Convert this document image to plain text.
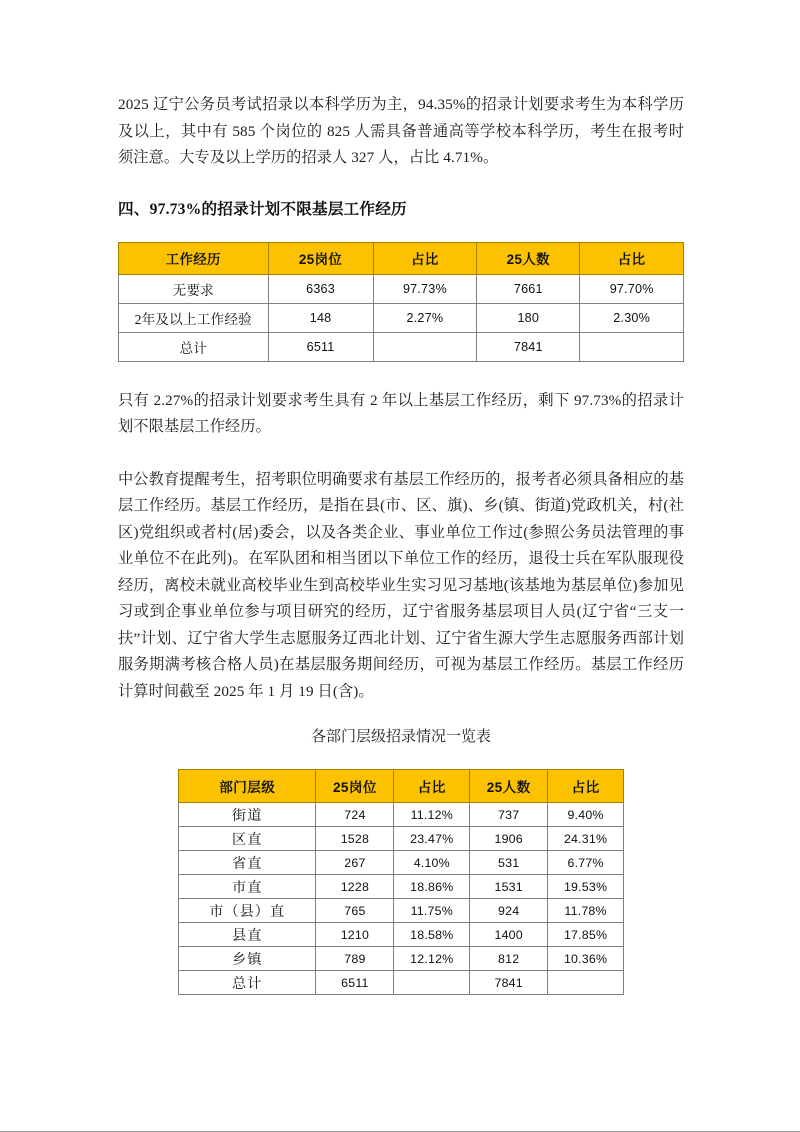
2025 辽宁公务员考试招录以本科学历为主，94.35%的招录计划要求考生为本科学历及以上，其中有 585 个岗位的 825 人需具备普通高等学校本科学历，考生在报考时须注意。大专及以上学历的招录人 327 人，占比 4.71%。

四、97.73%的招录计划不限基层工作经历
工作经历	25岗位	占比	25人数	占比
无要求	6363	97.73%	7661	97.70%
2年及以上工作经验	148	2.27%	180	2.30%
总计	6511		7841	

只有 2.27%的招录计划要求考生具有 2 年以上基层工作经历，剩下 97.73%的招录计划不限基层工作经历。

中公教育提醒考生，招考职位明确要求有基层工作经历的，报考者必须具备相应的基层工作经历。基层工作经历，是指在县(市、区、旗)、乡(镇、街道)党政机关，村(社区)党组织或者村(居)委会，以及各类企业、事业单位工作过(参照公务员法管理的事业单位不在此列)。在军队团和相当团以下单位工作的经历，退役士兵在军队服现役经历，离校未就业高校毕业生到高校毕业生实习见习基地(该基地为基层单位)参加见习或到企事业单位参与项目研究的经历，辽宁省服务基层项目人员(辽宁省“三支一扶”计划、辽宁省大学生志愿服务辽西北计划、辽宁省生源大学生志愿服务西部计划服务期满考核合格人员)在基层服务期间经历，可视为基层工作经历。基层工作经历计算时间截至 2025 年 1 月 19 日(含)。

各部门层级招录情况一览表
部门层级	25岗位	占比	25人数	占比
街道	724	11.12%	737	9.40%
区直	1528	23.47%	1906	24.31%
省直	267	4.10%	531	6.77%
市直	1228	18.86%	1531	19.53%
市（县）直	765	11.75%	924	11.78%
县直	1210	18.58%	1400	17.85%
乡镇	789	12.12%	812	10.36%
总计	6511		7841	
